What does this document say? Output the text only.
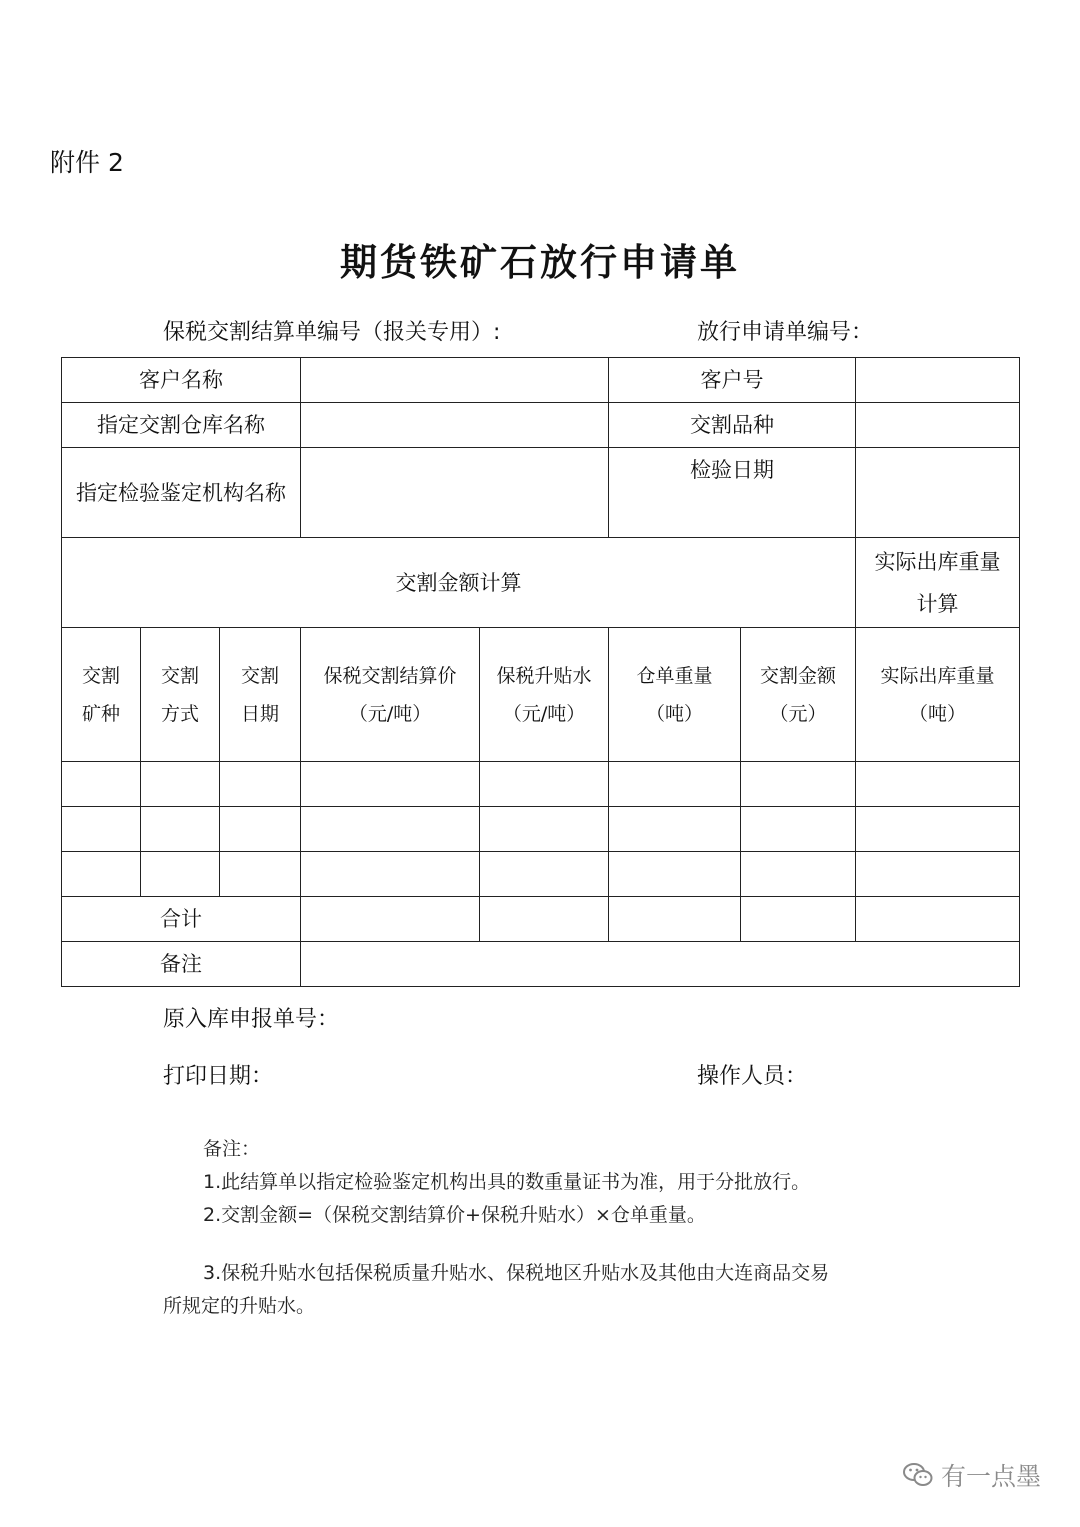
附件 2
期货铁矿石放行申请单
保税交割结算单编号（报关专用）:	放行申请单编号：
客户名称					客户号		
指定交割仓库名称					交割品种		
指定检验鉴定机构名称					检验日期		
交割金额计算							实际出库重量计算
交割矿种	交割方式	交割日期	保税交割结算价（元/吨）	保税升贴水（元/吨）	仓单重量（吨）	交割金额（元）	实际出库重量（吨）

合计							
备注							
原入库申报单号：
打印日期：	操作人员：
备注：
1.此结算单以指定检验鉴定机构出具的数重量证书为准，用于分批放行。
2.交割金额=（保税交割结算价+保税升贴水）×仓单重量。
3.保税升贴水包括保税质量升贴水、保税地区升贴水及其他由大连商品交易
所规定的升贴水。
有一点墨
